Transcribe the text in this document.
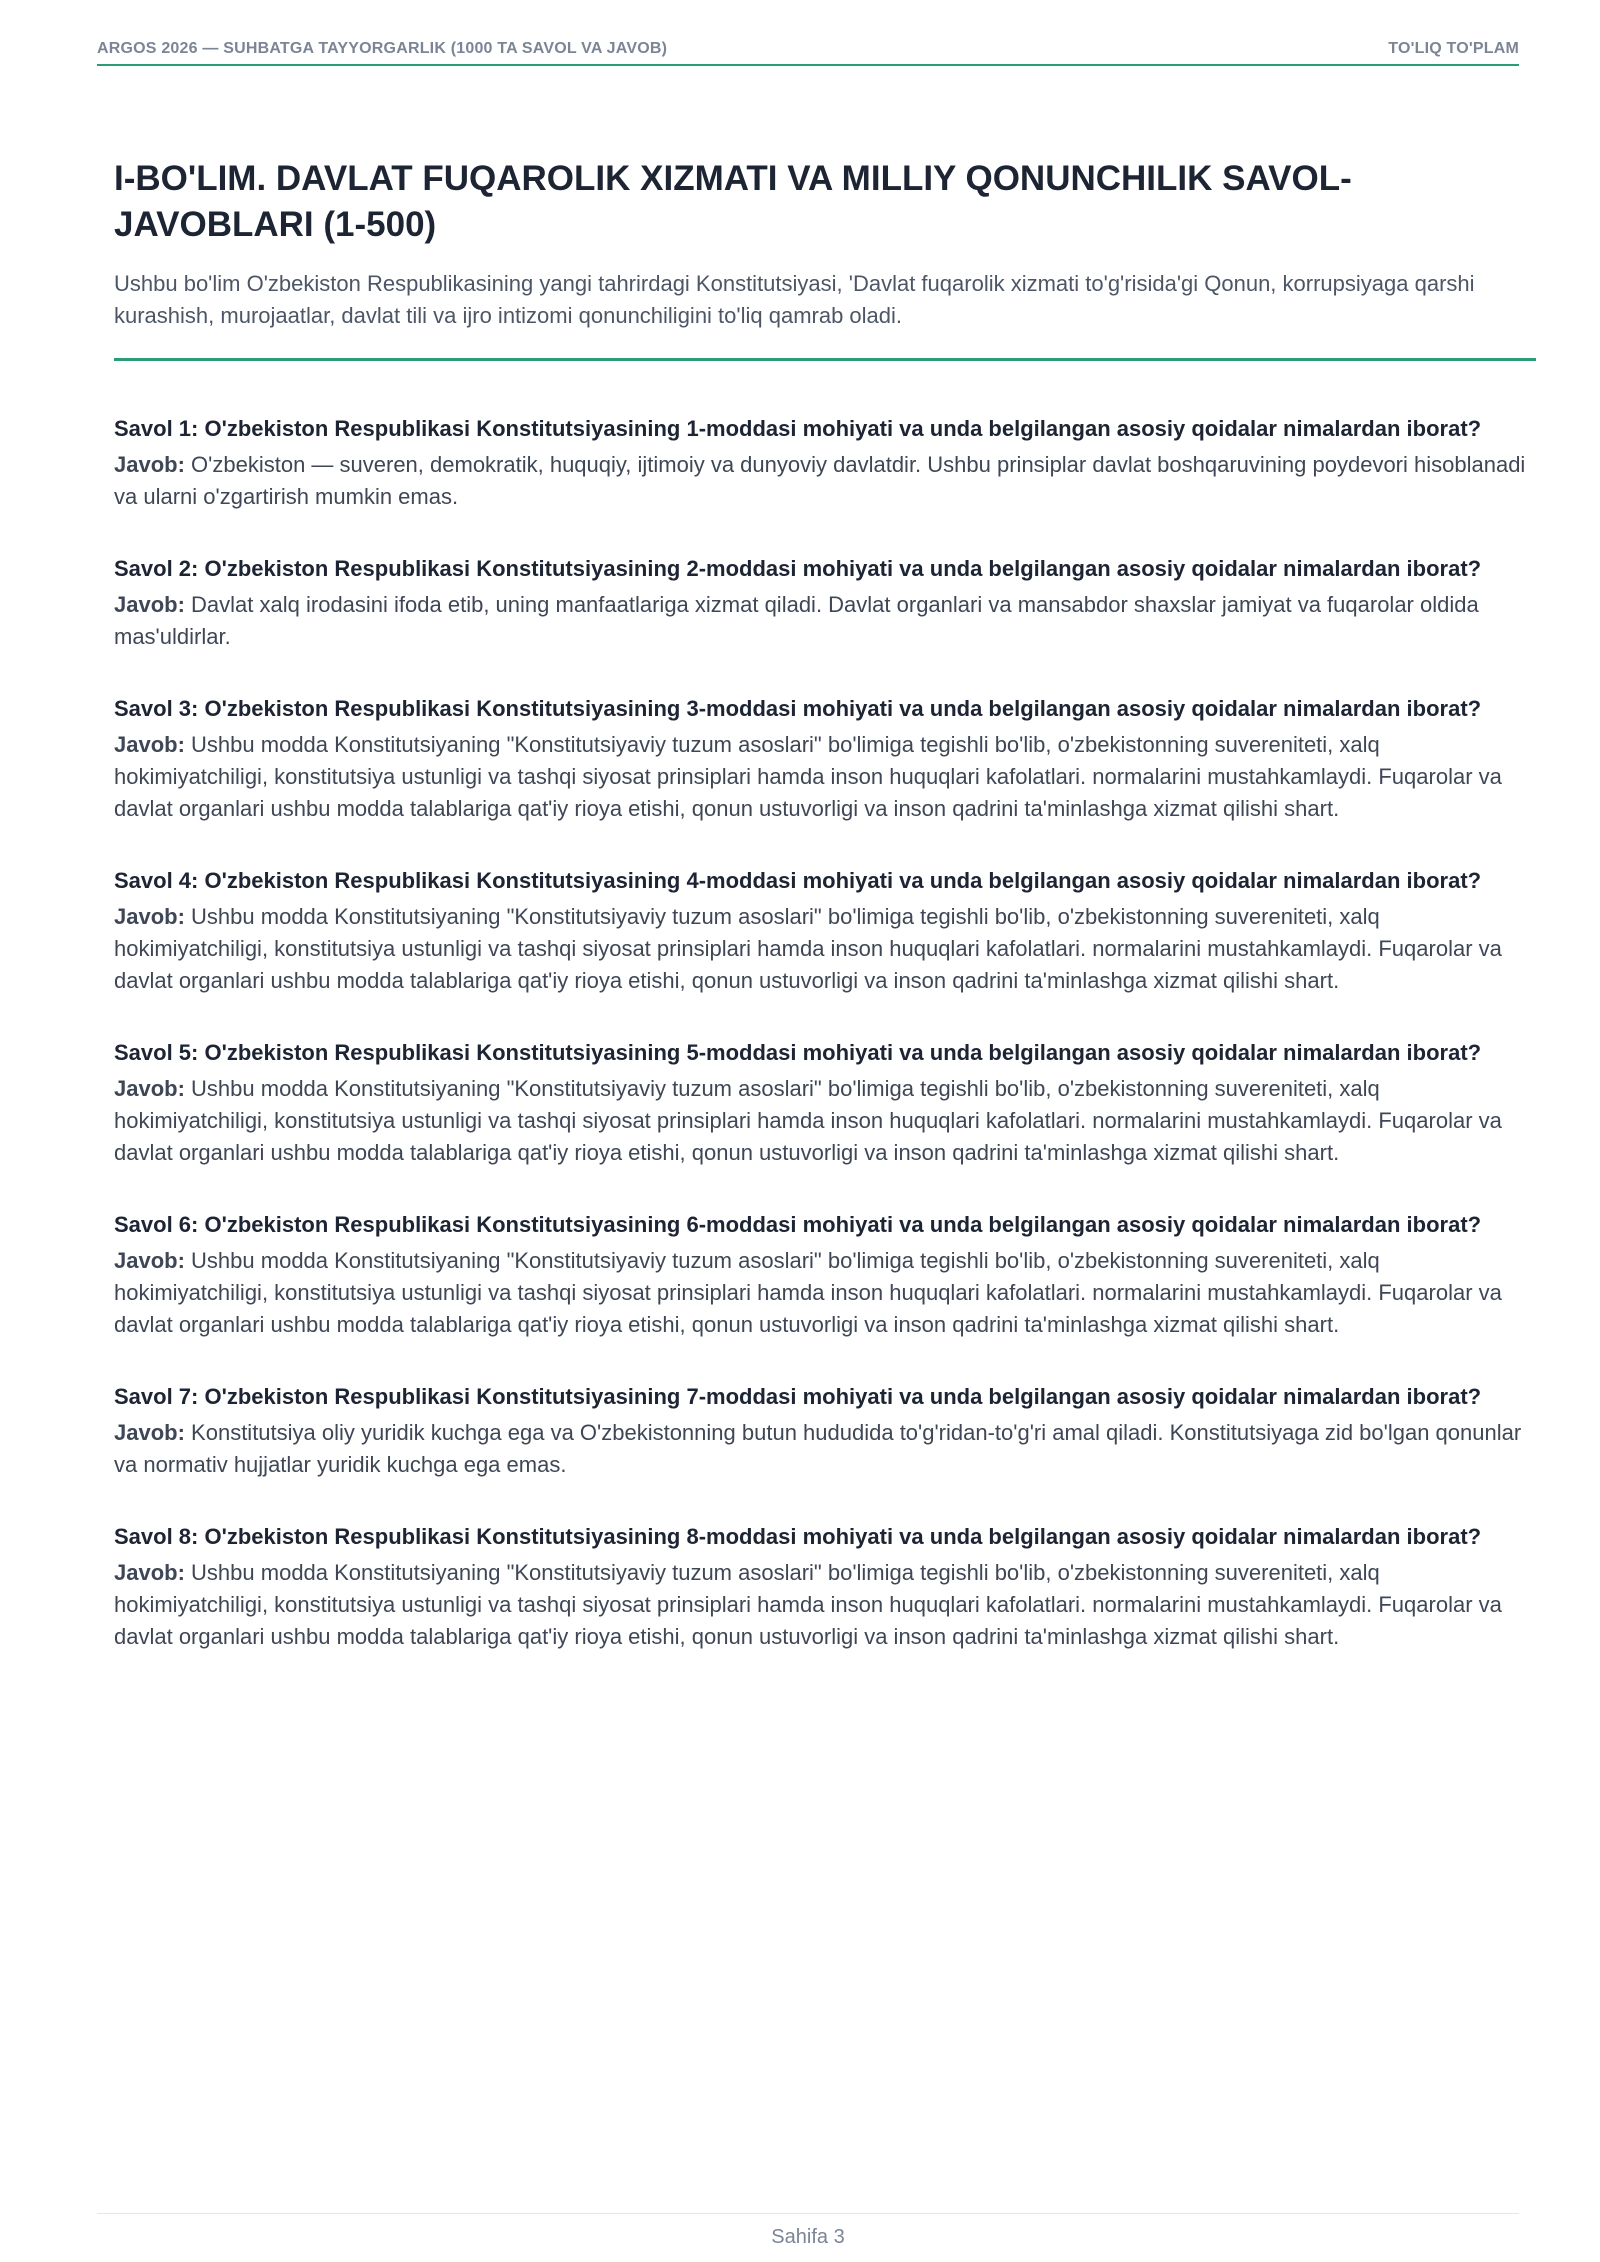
ARGOS 2026 — SUHBATGA TAYYORGARLIK (1000 TA SAVOL VA JAVOB)	TO'LIQ TO'PLAM
I-BO'LIM. DAVLAT FUQAROLIK XIZMATI VA MILLIY QONUNCHILIK SAVOL-JAVOBLARI (1-500)

Ushbu bo'lim O'zbekiston Respublikasining yangi tahrirdagi Konstitutsiyasi, 'Davlat fuqarolik xizmati to'g'risida'gi Qonun, korrupsiyaga qarshi kurashish, murojaatlar, davlat tili va ijro intizomi qonunchiligini to'liq qamrab oladi.

Savol 1: O'zbekiston Respublikasi Konstitutsiyasining 1-moddasi mohiyati va unda belgilangan asosiy qoidalar nimalardan iborat?

Javob: O'zbekiston — suveren, demokratik, huquqiy, ijtimoiy va dunyoviy davlatdir. Ushbu prinsiplar davlat boshqaruvining poydevori hisoblanadi va ularni o'zgartirish mumkin emas.

Savol 2: O'zbekiston Respublikasi Konstitutsiyasining 2-moddasi mohiyati va unda belgilangan asosiy qoidalar nimalardan iborat?

Javob: Davlat xalq irodasini ifoda etib, uning manfaatlariga xizmat qiladi. Davlat organlari va mansabdor shaxslar jamiyat va fuqarolar oldida mas'uldirlar.

Savol 3: O'zbekiston Respublikasi Konstitutsiyasining 3-moddasi mohiyati va unda belgilangan asosiy qoidalar nimalardan iborat?

Javob: Ushbu modda Konstitutsiyaning "Konstitutsiyaviy tuzum asoslari" bo'limiga tegishli bo'lib, o'zbekistonning suvereniteti, xalq hokimiyatchiligi, konstitutsiya ustunligi va tashqi siyosat prinsiplari hamda inson huquqlari kafolatlari. normalarini mustahkamlaydi. Fuqarolar va davlat organlari ushbu modda talablariga qat'iy rioya etishi, qonun ustuvorligi va inson qadrini ta'minlashga xizmat qilishi shart.

Savol 4: O'zbekiston Respublikasi Konstitutsiyasining 4-moddasi mohiyati va unda belgilangan asosiy qoidalar nimalardan iborat?

Javob: Ushbu modda Konstitutsiyaning "Konstitutsiyaviy tuzum asoslari" bo'limiga tegishli bo'lib, o'zbekistonning suvereniteti, xalq hokimiyatchiligi, konstitutsiya ustunligi va tashqi siyosat prinsiplari hamda inson huquqlari kafolatlari. normalarini mustahkamlaydi. Fuqarolar va davlat organlari ushbu modda talablariga qat'iy rioya etishi, qonun ustuvorligi va inson qadrini ta'minlashga xizmat qilishi shart.

Savol 5: O'zbekiston Respublikasi Konstitutsiyasining 5-moddasi mohiyati va unda belgilangan asosiy qoidalar nimalardan iborat?

Javob: Ushbu modda Konstitutsiyaning "Konstitutsiyaviy tuzum asoslari" bo'limiga tegishli bo'lib, o'zbekistonning suvereniteti, xalq hokimiyatchiligi, konstitutsiya ustunligi va tashqi siyosat prinsiplari hamda inson huquqlari kafolatlari. normalarini mustahkamlaydi. Fuqarolar va davlat organlari ushbu modda talablariga qat'iy rioya etishi, qonun ustuvorligi va inson qadrini ta'minlashga xizmat qilishi shart.

Savol 6: O'zbekiston Respublikasi Konstitutsiyasining 6-moddasi mohiyati va unda belgilangan asosiy qoidalar nimalardan iborat?

Javob: Ushbu modda Konstitutsiyaning "Konstitutsiyaviy tuzum asoslari" bo'limiga tegishli bo'lib, o'zbekistonning suvereniteti, xalq hokimiyatchiligi, konstitutsiya ustunligi va tashqi siyosat prinsiplari hamda inson huquqlari kafolatlari. normalarini mustahkamlaydi. Fuqarolar va davlat organlari ushbu modda talablariga qat'iy rioya etishi, qonun ustuvorligi va inson qadrini ta'minlashga xizmat qilishi shart.

Savol 7: O'zbekiston Respublikasi Konstitutsiyasining 7-moddasi mohiyati va unda belgilangan asosiy qoidalar nimalardan iborat?

Javob: Konstitutsiya oliy yuridik kuchga ega va O'zbekistonning butun hududida to'g'ridan-to'g'ri amal qiladi. Konstitutsiyaga zid bo'lgan qonunlar va normativ hujjatlar yuridik kuchga ega emas.

Savol 8: O'zbekiston Respublikasi Konstitutsiyasining 8-moddasi mohiyati va unda belgilangan asosiy qoidalar nimalardan iborat?

Javob: Ushbu modda Konstitutsiyaning "Konstitutsiyaviy tuzum asoslari" bo'limiga tegishli bo'lib, o'zbekistonning suvereniteti, xalq hokimiyatchiligi, konstitutsiya ustunligi va tashqi siyosat prinsiplari hamda inson huquqlari kafolatlari. normalarini mustahkamlaydi. Fuqarolar va davlat organlari ushbu modda talablariga qat'iy rioya etishi, qonun ustuvorligi va inson qadrini ta'minlashga xizmat qilishi shart.

Sahifa 3
